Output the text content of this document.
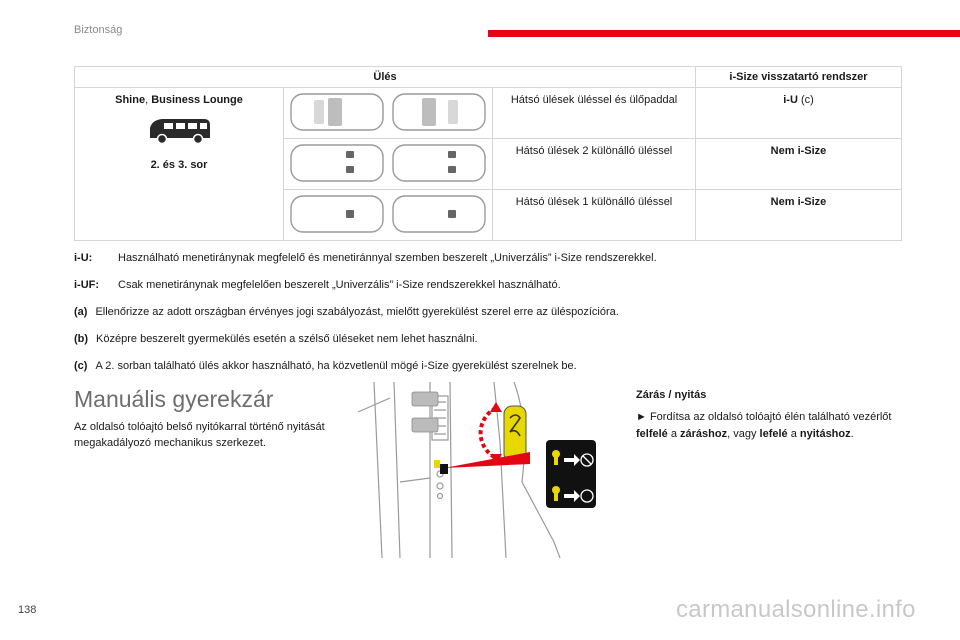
Biztonság
Ülés			i-Size visszatartó rendszer

Shine, Business Lounge
2. és 3. sor		Hátsó ülések üléssel és ülőpaddal	i-U (c)
	Hátsó ülések 2 különálló üléssel	Nem i-Size
	Hátsó ülések 1 különálló üléssel	Nem i-Size
i-U:	Használható menetiránynak megfelelő és menetiránnyal szemben beszerelt „Univerzális” i-Size rendszerekkel.
i-UF:	Csak menetiránynak megfelelően beszerelt „Univerzális” i-Size rendszerekkel használható.
(a) Ellenőrizze az adott országban érvényes jogi szabályozást, mielőtt gyerekülést szerel erre az üléspozícióra.
(b) Középre beszerelt gyermekülés esetén a szélső üléseket nem lehet használni.
(c) A 2. sorban található ülés akkor használható, ha közvetlenül mögé i-Size gyerekülést szerelnek be.
Manuális gyerekzár
Az oldalsó tolóajtó belső nyitókarral történő nyitását megakadályozó mechanikus szerkezet.
Zárás / nyitás
► Fordítsa az oldalsó tolóajtó élén található vezérlőt felfelé a záráshoz, vagy lefelé a nyitáshoz.
138	carmanualsonline.info
